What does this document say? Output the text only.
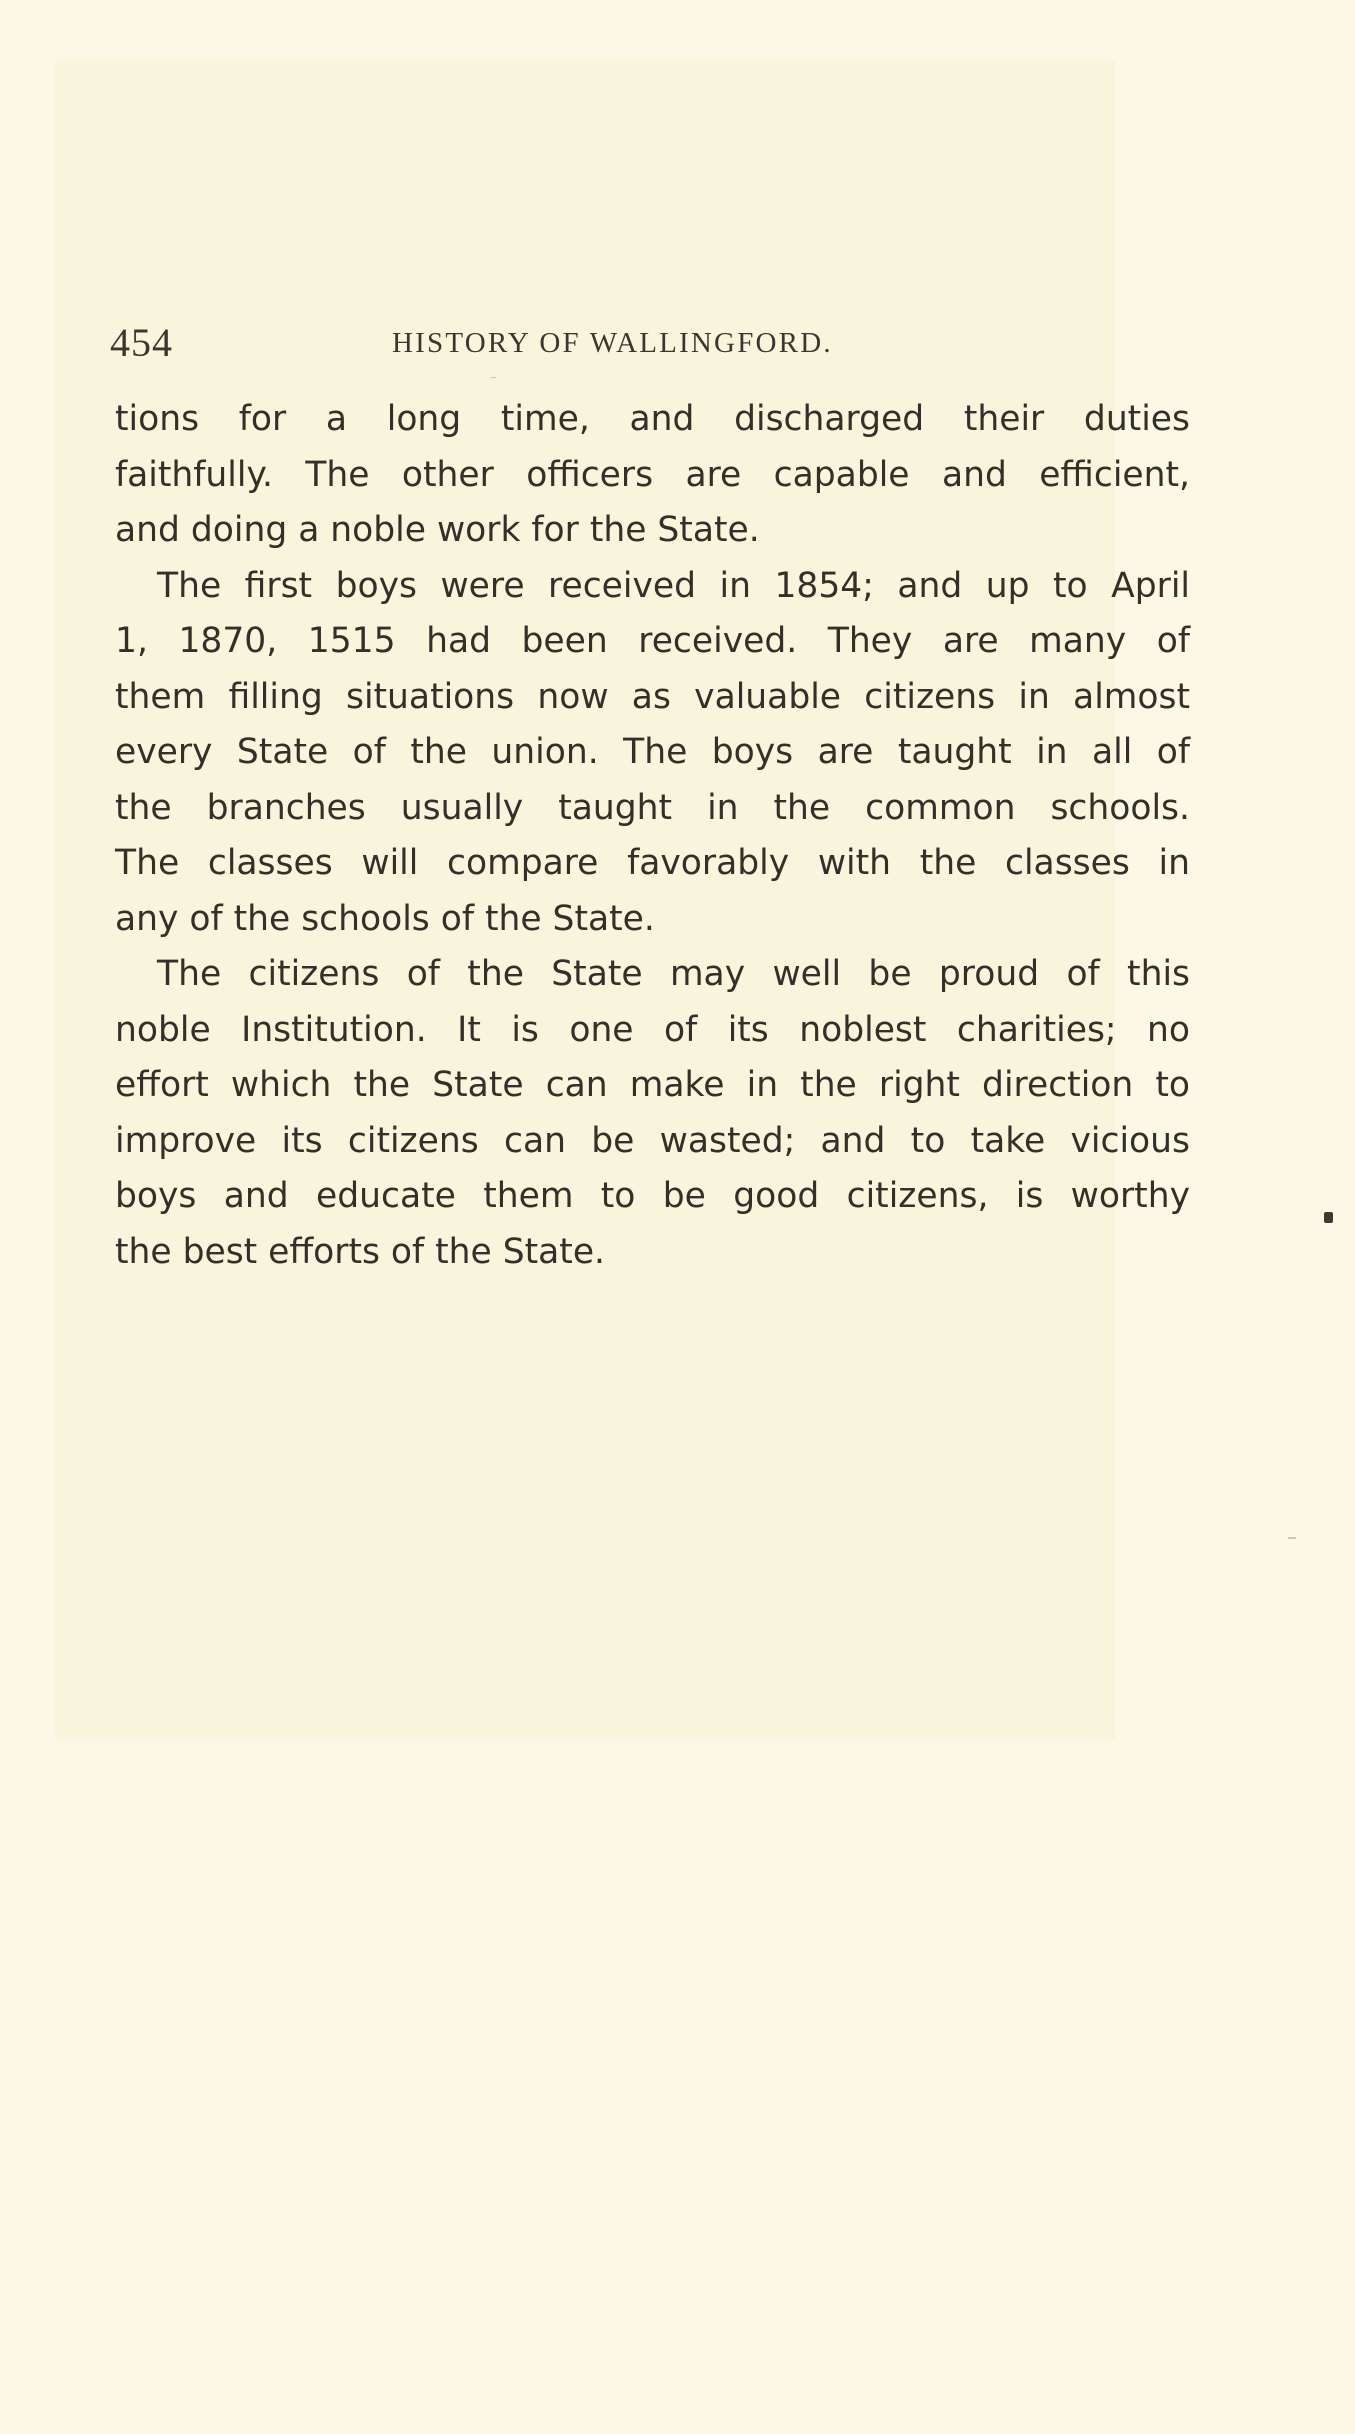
454	HISTORY OF WALLINGFORD.
tions for a long time, and discharged their duties
faithfully. The other officers are capable and efficient,
and doing a noble work for the State.
The first boys were received in 1854; and up to April
1, 1870, 1515 had been received. They are many of
them filling situations now as valuable citizens in almost
every State of the union. The boys are taught in all of
the branches usually taught in the common schools.
The classes will compare favorably with the classes in
any of the schools of the State.
The citizens of the State may well be proud of this
noble Institution. It is one of its noblest charities; no
effort which the State can make in the right direction to
improve its citizens can be wasted; and to take vicious
boys and educate them to be good citizens, is worthy
the best efforts of the State.
